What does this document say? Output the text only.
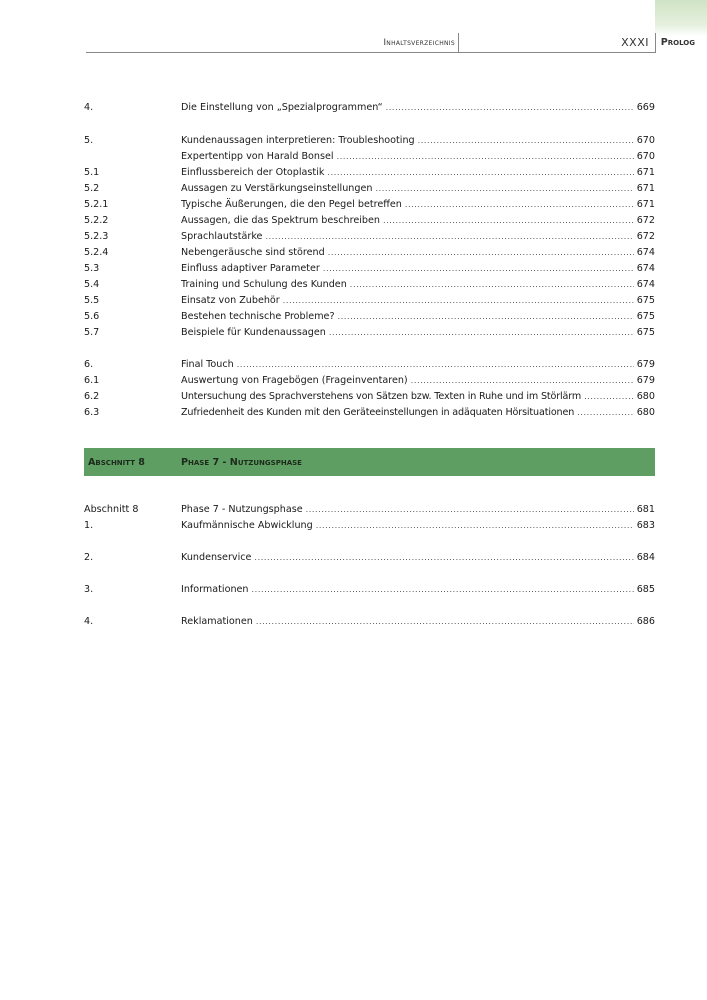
Inhaltsverzeichnis	XXXI Prolog
4.	Die Einstellung von „Spezialprogrammen“ .....	669
5.	Kundenaussagen interpretieren: Troubleshooting .....	670
Expertentipp von Harald Bonsel .....	670
5.1	Einflussbereich der Otoplastik .....	671
5.2	Aussagen zu Verstärkungseinstellungen .....	671
5.2.1	Typische Äußerungen, die den Pegel betreffen .....	671
5.2.2	Aussagen, die das Spektrum beschreiben .....	672
5.2.3	Sprachlautstärke .....	672
5.2.4	Nebengeräusche sind störend .....	674
5.3	Einfluss adaptiver Parameter .....	674
5.4	Training und Schulung des Kunden .....	674
5.5	Einsatz von Zubehör .....	675
5.6	Bestehen technische Probleme? .....	675
5.7	Beispiele für Kundenaussagen .....	675
6.	Final Touch .....	679
6.1	Auswertung von Fragebögen (Frageinventaren) .....	679
6.2	Untersuchung des Sprachverstehens von Sätzen bzw. Texten in Ruhe und im Störlärm .....	680
6.3	Zufriedenheit des Kunden mit den Geräteeinstellungen in adäquaten Hörsituationen .....	680
Abschnitt 8	Phase 7 - Nutzungsphase
Abschnitt 8	Phase 7 - Nutzungsphase .....	681
1.	Kaufmännische Abwicklung .....	683
2.	Kundenservice .....	684
3.	Informationen .....	685
4.	Reklamationen .....	686
